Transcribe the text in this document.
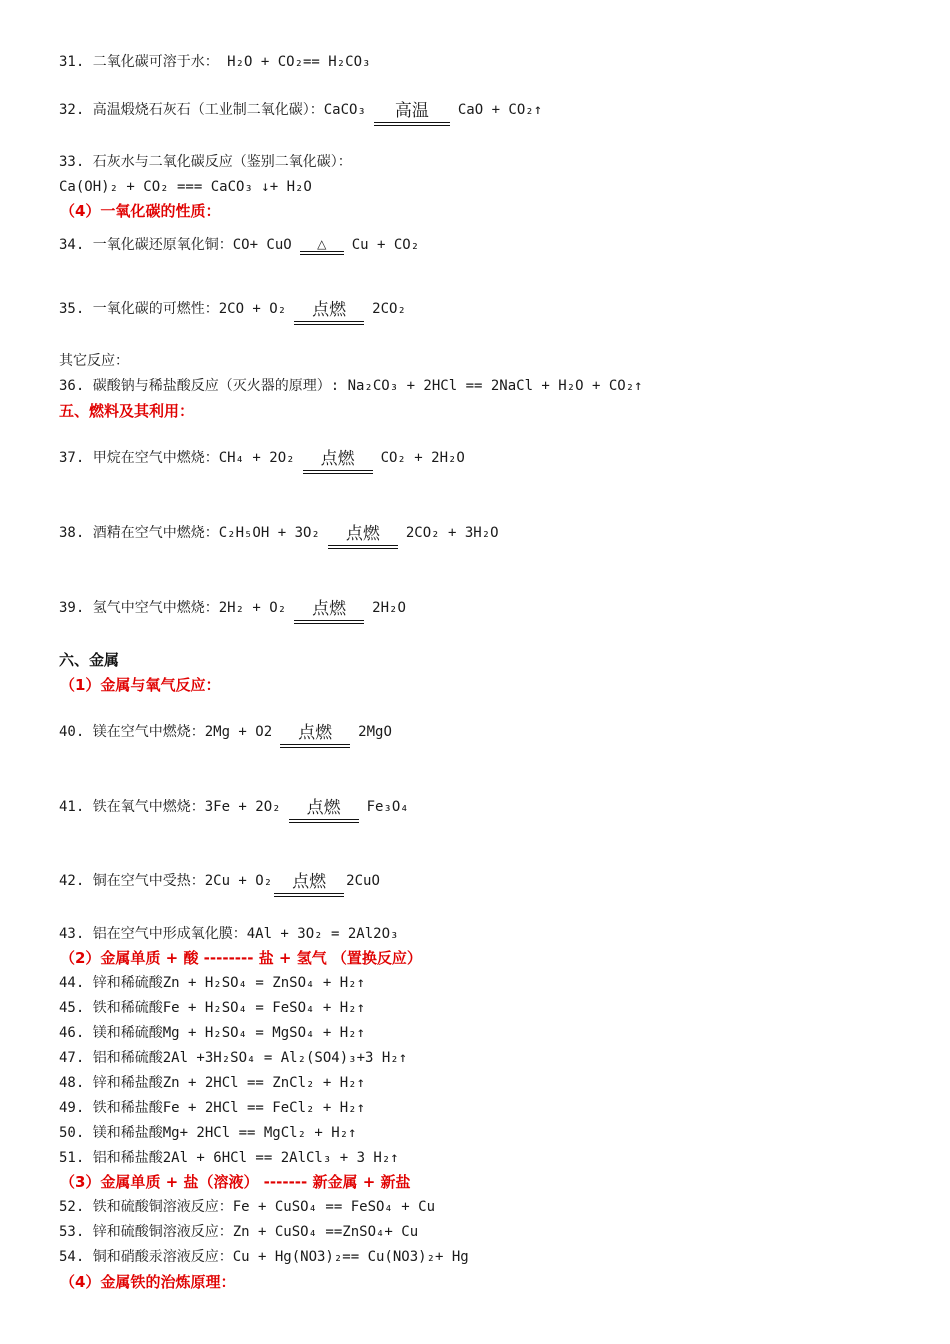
31. 二氧化碳可溶于水： H₂O + CO₂== H₂CO₃
32. 高温煅烧石灰石（工业制二氧化碳）：CaCO₃ 高温 CaO + CO₂↑
33. 石灰水与二氧化碳反应（鉴别二氧化碳）：
Ca(OH)₂ + CO₂ === CaCO₃ ↓+ H₂O
（4）一氧化碳的性质：
34. 一氧化碳还原氧化铜：CO+ CuO △ Cu + CO₂
35. 一氧化碳的可燃性：2CO + O₂ 点燃 2CO₂
其它反应：
36. 碳酸钠与稀盐酸反应（灭火器的原理）: Na₂CO₃ + 2HCl == 2NaCl + H₂O + CO₂↑
五、燃料及其利用：
37. 甲烷在空气中燃烧：CH₄ + 2O₂ 点燃 CO₂ + 2H₂O
38. 酒精在空气中燃烧：C₂H₅OH + 3O₂ 点燃 2CO₂ + 3H₂O
39. 氢气中空气中燃烧：2H₂ + O₂ 点燃 2H₂O
六、金属
（1）金属与氧气反应：
40. 镁在空气中燃烧：2Mg + O2 点燃 2MgO
41. 铁在氧气中燃烧：3Fe + 2O₂ 点燃 Fe₃O₄
42. 铜在空气中受热：2Cu + O₂ 点燃 2CuO
43. 铝在空气中形成氧化膜：4Al + 3O₂ = 2Al2O₃
（2）金属单质 + 酸 -------- 盐 + 氢气 （置换反应）
44. 锌和稀硫酸Zn + H₂SO₄ = ZnSO₄ + H₂↑
45. 铁和稀硫酸Fe + H₂SO₄ = FeSO₄ + H₂↑
46. 镁和稀硫酸Mg + H₂SO₄ = MgSO₄ + H₂↑
47. 铝和稀硫酸2Al +3H₂SO₄ = Al₂(SO4)₃+3 H₂↑
48. 锌和稀盐酸Zn + 2HCl == ZnCl₂ + H₂↑
49. 铁和稀盐酸Fe + 2HCl == FeCl₂ + H₂↑
50. 镁和稀盐酸Mg+ 2HCl == MgCl₂ + H₂↑
51. 铝和稀盐酸2Al + 6HCl == 2AlCl₃ + 3 H₂↑
（3）金属单质 + 盐（溶液） ------- 新金属 + 新盐
52. 铁和硫酸铜溶液反应：Fe + CuSO₄ == FeSO₄ + Cu
53. 锌和硫酸铜溶液反应：Zn + CuSO₄ ==ZnSO₄+ Cu
54. 铜和硝酸汞溶液反应：Cu + Hg(NO3)₂== Cu(NO3)₂+ Hg
（4）金属铁的治炼原理：
